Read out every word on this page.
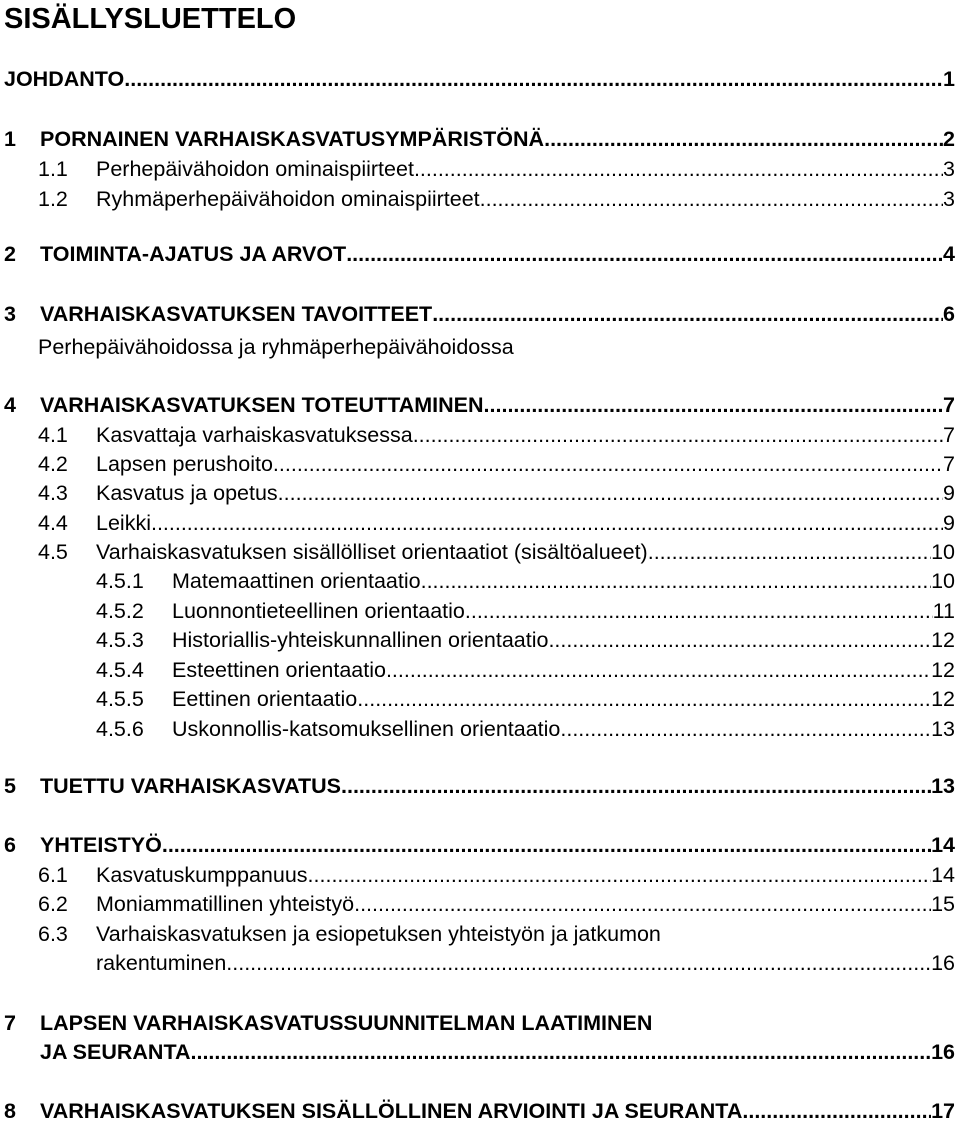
SISÄLLYSLUETTELO
JOHDANTO .....	1
1	PORNAINEN VARHAISKASVATUSYMPÄRISTÖNÄ .....	2
1.1	Perhepäivähoidon ominaispiirteet .....	3
1.2	Ryhmäperhepäivähoidon ominaispiirteet .....	3
2	TOIMINTA-AJATUS JA ARVOT .....	4
3	VARHAISKASVATUKSEN TAVOITTEET .....	6
Perhepäivähoidossa ja ryhmäperhepäivähoidossa
4	VARHAISKASVATUKSEN TOTEUTTAMINEN .....	7
4.1	Kasvattaja varhaiskasvatuksessa .....	7
4.2	Lapsen perushoito .....	7
4.3	Kasvatus ja opetus .....	9
4.4	Leikki .....	9
4.5	Varhaiskasvatuksen sisällölliset orientaatiot (sisältöalueet) .....	10
4.5.1	Matemaattinen orientaatio .....	10
4.5.2	Luonnontieteellinen orientaatio .....	11
4.5.3	Historiallis-yhteiskunnallinen orientaatio .....	12
4.5.4	Esteettinen orientaatio .....	12
4.5.5	Eettinen orientaatio .....	12
4.5.6	Uskonnollis-katsomuksellinen orientaatio .....	13
5	TUETTU VARHAISKASVATUS .....	13
6	YHTEISTYÖ .....	14
6.1	Kasvatuskumppanuus .....	14
6.2	Moniammatillinen yhteistyö .....	15
6.3	Varhaiskasvatuksen ja esiopetuksen yhteistyön ja jatkumon
rakentuminen .....	16
7	LAPSEN VARHAISKASVATUSSUUNNITELMAN LAATIMINEN
JA SEURANTA .....	16
8	VARHAISKASVATUKSEN SISÄLLÖLLINEN ARVIOINTI JA SEURANTA .....	17
